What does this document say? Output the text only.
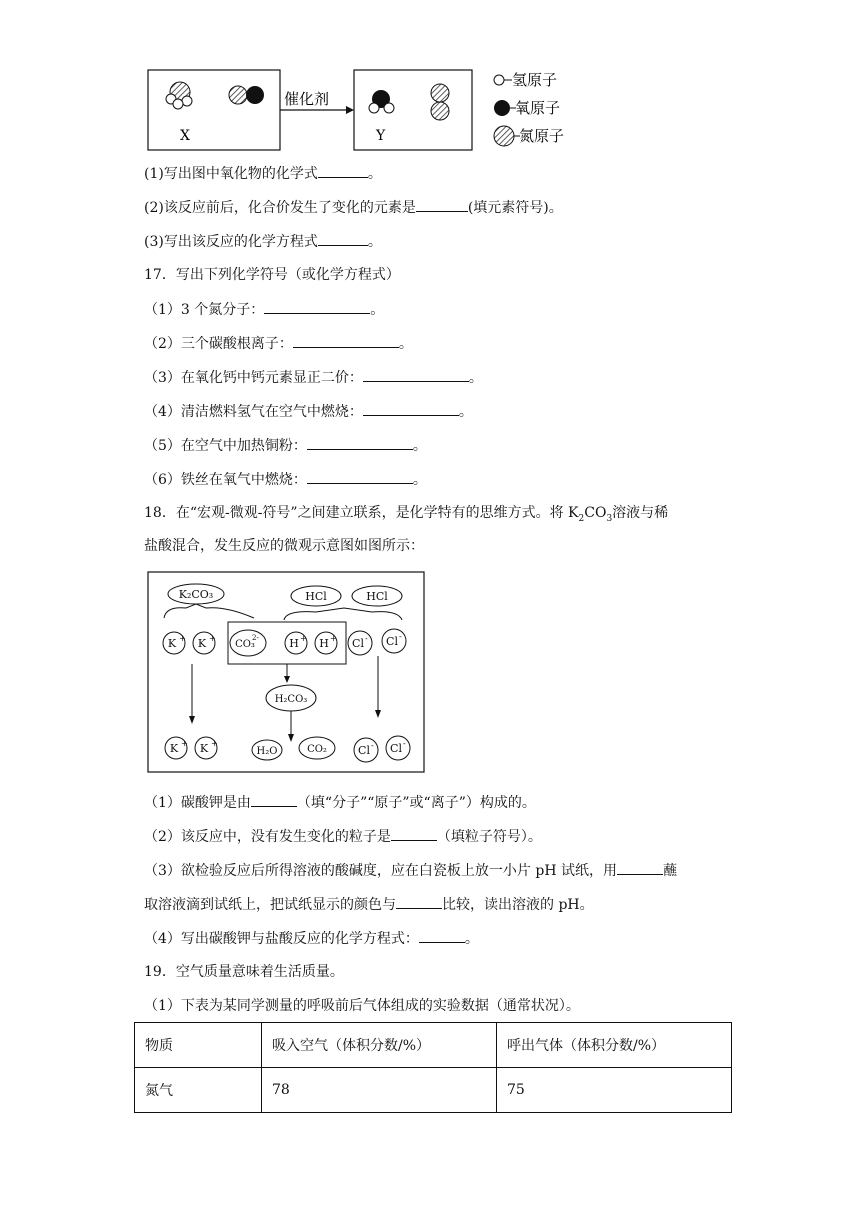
X
催化剂
Y
氢原子
氧原子
氮原子
(1)写出图中氧化物的化学式	。
(2)该反应前后，化合价发生了变化的元素是	(填元素符号)。
(3)写出该反应的化学方程式	。
17．写出下列化学符号（或化学方程式）
（1）3 个氮分子：	。
（2）三个碳酸根离子：	。
（3）在氧化钙中钙元素显正二价：	。
（4）清洁燃料氢气在空气中燃烧：	。
（5）在空气中加热铜粉：	。
（6）铁丝在氧气中燃烧：	。
18．在“宏观-微观-符号”之间建立联系，是化学特有的思维方式。将 $K_2CO_3$溶液与稀
盐酸混合，发生反应的微观示意图如图所示：
K₂CO₃	HCl	HCl
K + K +
CO₃
2-	H + H + Cl - Cl -
H₂CO₃
K + K +
H₂O	CO₂	Cl - Cl -
（1）碳酸钾是由	（填“分子”“原子”或“离子”）构成的。
（2）该反应中，没有发生变化的粒子是	（填粒子符号）。
（3）欲检验反应后所得溶液的酸碱度，应在白瓷板上放一小片 pH 试纸，用	蘸
取溶液滴到试纸上，把试纸显示的颜色与	比较，读出溶液的 pH。
（4）写出碳酸钾与盐酸反应的化学方程式：	。
19．空气质量意味着生活质量。
（1）下表为某同学测量的呼吸前后气体组成的实验数据（通常状况）。
物质	吸入空气（体积分数/%）	呼出气体（体积分数/%）
氮气	78	75
